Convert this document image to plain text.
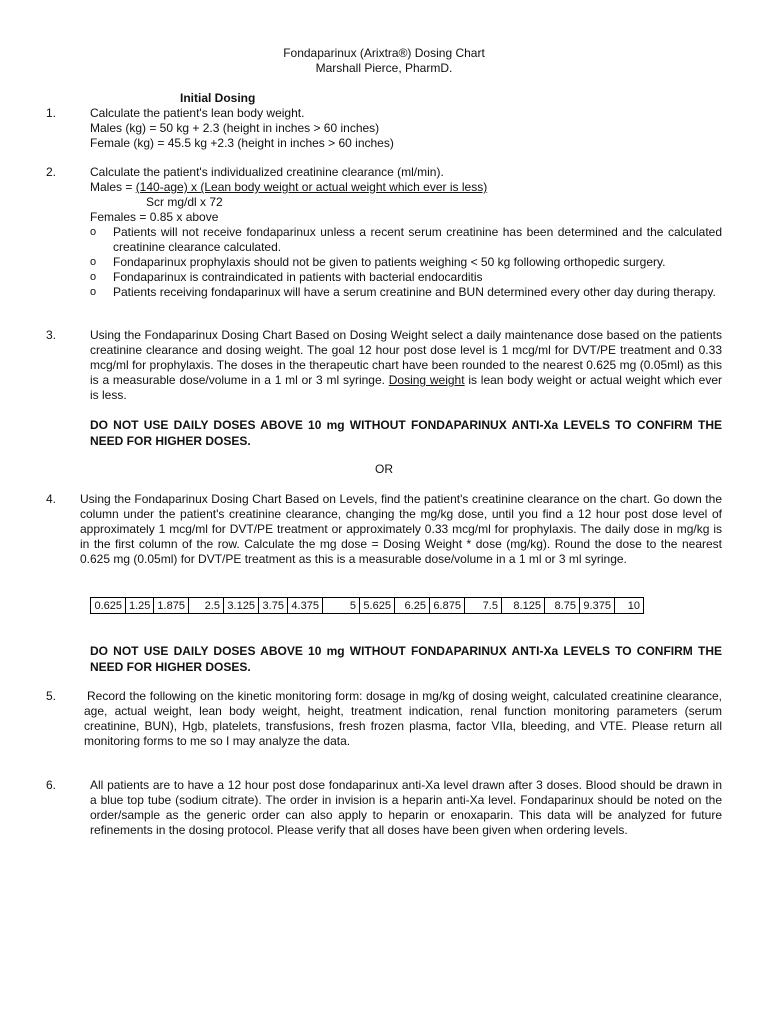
Fondaparinux (Arixtra®) Dosing Chart
Marshall Pierce, PharmD.
Initial Dosing
1.	Calculate the patient's lean body weight.
Males (kg) = 50 kg + 2.3 (height in inches > 60 inches)
Female (kg) = 45.5 kg +2.3 (height in inches > 60 inches)
2.	Calculate the patient's individualized creatinine clearance (ml/min).
Males = (140-age) x (Lean body weight or actual weight which ever is less)
Scr mg/dl x 72
Females = 0.85 x above
o Patients will not receive fondaparinux unless a recent serum creatinine has been determined and the calculated creatinine clearance calculated.
o Fondaparinux prophylaxis should not be given to patients weighing < 50 kg following orthopedic surgery.
o Fondaparinux is contraindicated in patients with bacterial endocarditis
o Patients receiving fondaparinux will have a serum creatinine and BUN determined every other day during therapy.
3.	Using the Fondaparinux Dosing Chart Based on Dosing Weight select a daily maintenance dose based on the patients creatinine clearance and dosing weight. The goal 12 hour post dose level is 1 mcg/ml for DVT/PE treatment and 0.33 mcg/ml for prophylaxis. The doses in the therapeutic chart have been rounded to the nearest 0.625 mg (0.05ml) as this is a measurable dose/volume in a 1 ml or 3 ml syringe. Dosing weight is lean body weight or actual weight which ever is less.
DO NOT USE DAILY DOSES ABOVE 10 mg WITHOUT FONDAPARINUX ANTI-Xa LEVELS TO CONFIRM THE NEED FOR HIGHER DOSES.
OR
4. Using the Fondaparinux Dosing Chart Based on Levels, find the patient's creatinine clearance on the chart. Go down the column under the patient's creatinine clearance, changing the mg/kg dose, until you find a 12 hour post dose level of approximately 1 mcg/ml for DVT/PE treatment or approximately 0.33 mcg/ml for prophylaxis. The daily dose in mg/kg is in the first column of the row. Calculate the mg dose = Dosing Weight * dose (mg/kg). Round the dose to the nearest 0.625 mg (0.05ml) for DVT/PE treatment as this is a measurable dose/volume in a 1 ml or 3 ml syringe.
0.625	1.25	1.875	2.5	3.125	3.75	4.375	5	5.625	6.25	6.875	7.5	8.125	8.75	9.375	10
DO NOT USE DAILY DOSES ABOVE 10 mg WITHOUT FONDAPARINUX ANTI-Xa LEVELS TO CONFIRM THE NEED FOR HIGHER DOSES.
5.	Record the following on the kinetic monitoring form: dosage in mg/kg of dosing weight, calculated creatinine clearance, age, actual weight, lean body weight, height, treatment indication, renal function monitoring parameters (serum creatinine, BUN), Hgb, platelets, transfusions, fresh frozen plasma, factor VIIa, bleeding, and VTE. Please return all monitoring forms to me so I may analyze the data.
6.	All patients are to have a 12 hour post dose fondaparinux anti-Xa level drawn after 3 doses. Blood should be drawn in a blue top tube (sodium citrate). The order in invision is a heparin anti-Xa level. Fondaparinux should be noted on the order/sample as the generic order can also apply to heparin or enoxaparin. This data will be analyzed for future refinements in the dosing protocol. Please verify that all doses have been given when ordering levels.
